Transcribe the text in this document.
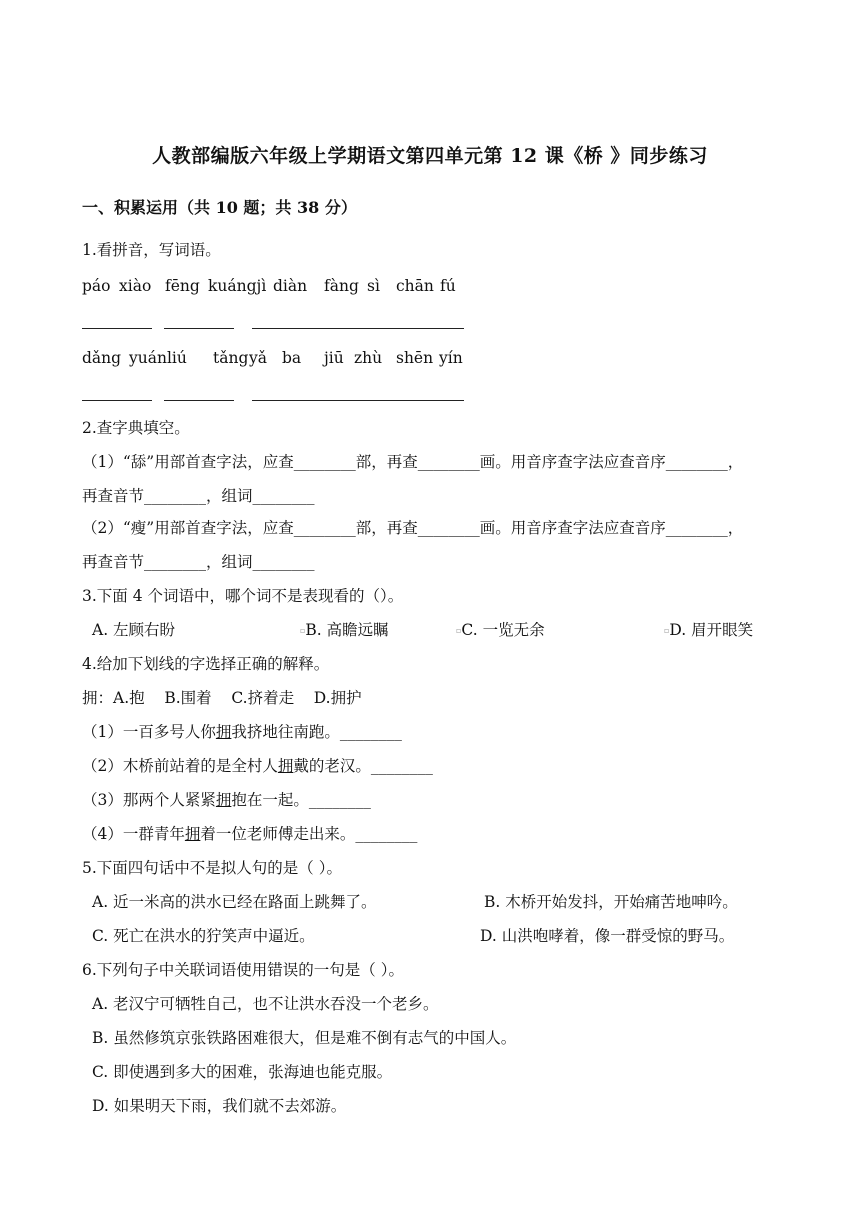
人教部编版六年级上学期语文第四单元第 12 课《桥 》同步练习
一、积累运用（共 10 题；共 38 分）
1.看拼音，写词语。
páo xiào fēng kuángjì diàn fàng sì chān fú
dǎng yuánliú tǎng yǎ ba jiū zhù shēn yín
2.查字典填空。
（1）“舔”用部首查字法，应查________部，再查________画。用音序查字法应查音序________，
再查音节________，组词________
（2）“瘦”用部首查字法，应查________部，再查________画。用音序查字法应查音序________，
再查音节________，组词________
3.下面 4 个词语中，哪个词不是表现看的（）。
A. 左顾右盼	▫B. 高瞻远瞩	▫C. 一览无余	▫D. 眉开眼笑
4.给加下划线的字选择正确的解释。
拥：A.抱    B.围着    C.挤着走    D.拥护
（1）一百多号人你拥我挤地往南跑。________
（2）木桥前站着的是全村人拥戴的老汉。________
（3）那两个人紧紧拥抱在一起。________
（4）一群青年拥着一位老师傅走出来。________
5.下面四句话中不是拟人句的是（ ）。
A. 近一米高的洪水已经在路面上跳舞了。	B. 木桥开始发抖，开始痛苦地呻吟。
C. 死亡在洪水的狞笑声中逼近。	D. 山洪咆哮着，像一群受惊的野马。
6.下列句子中关联词语使用错误的一句是（ ）。
A. 老汉宁可牺牲自己，也不让洪水吞没一个老乡。
B. 虽然修筑京张铁路困难很大，但是难不倒有志气的中国人。
C. 即使遇到多大的困难，张海迪也能克服。
D. 如果明天下雨，我们就不去郊游。
